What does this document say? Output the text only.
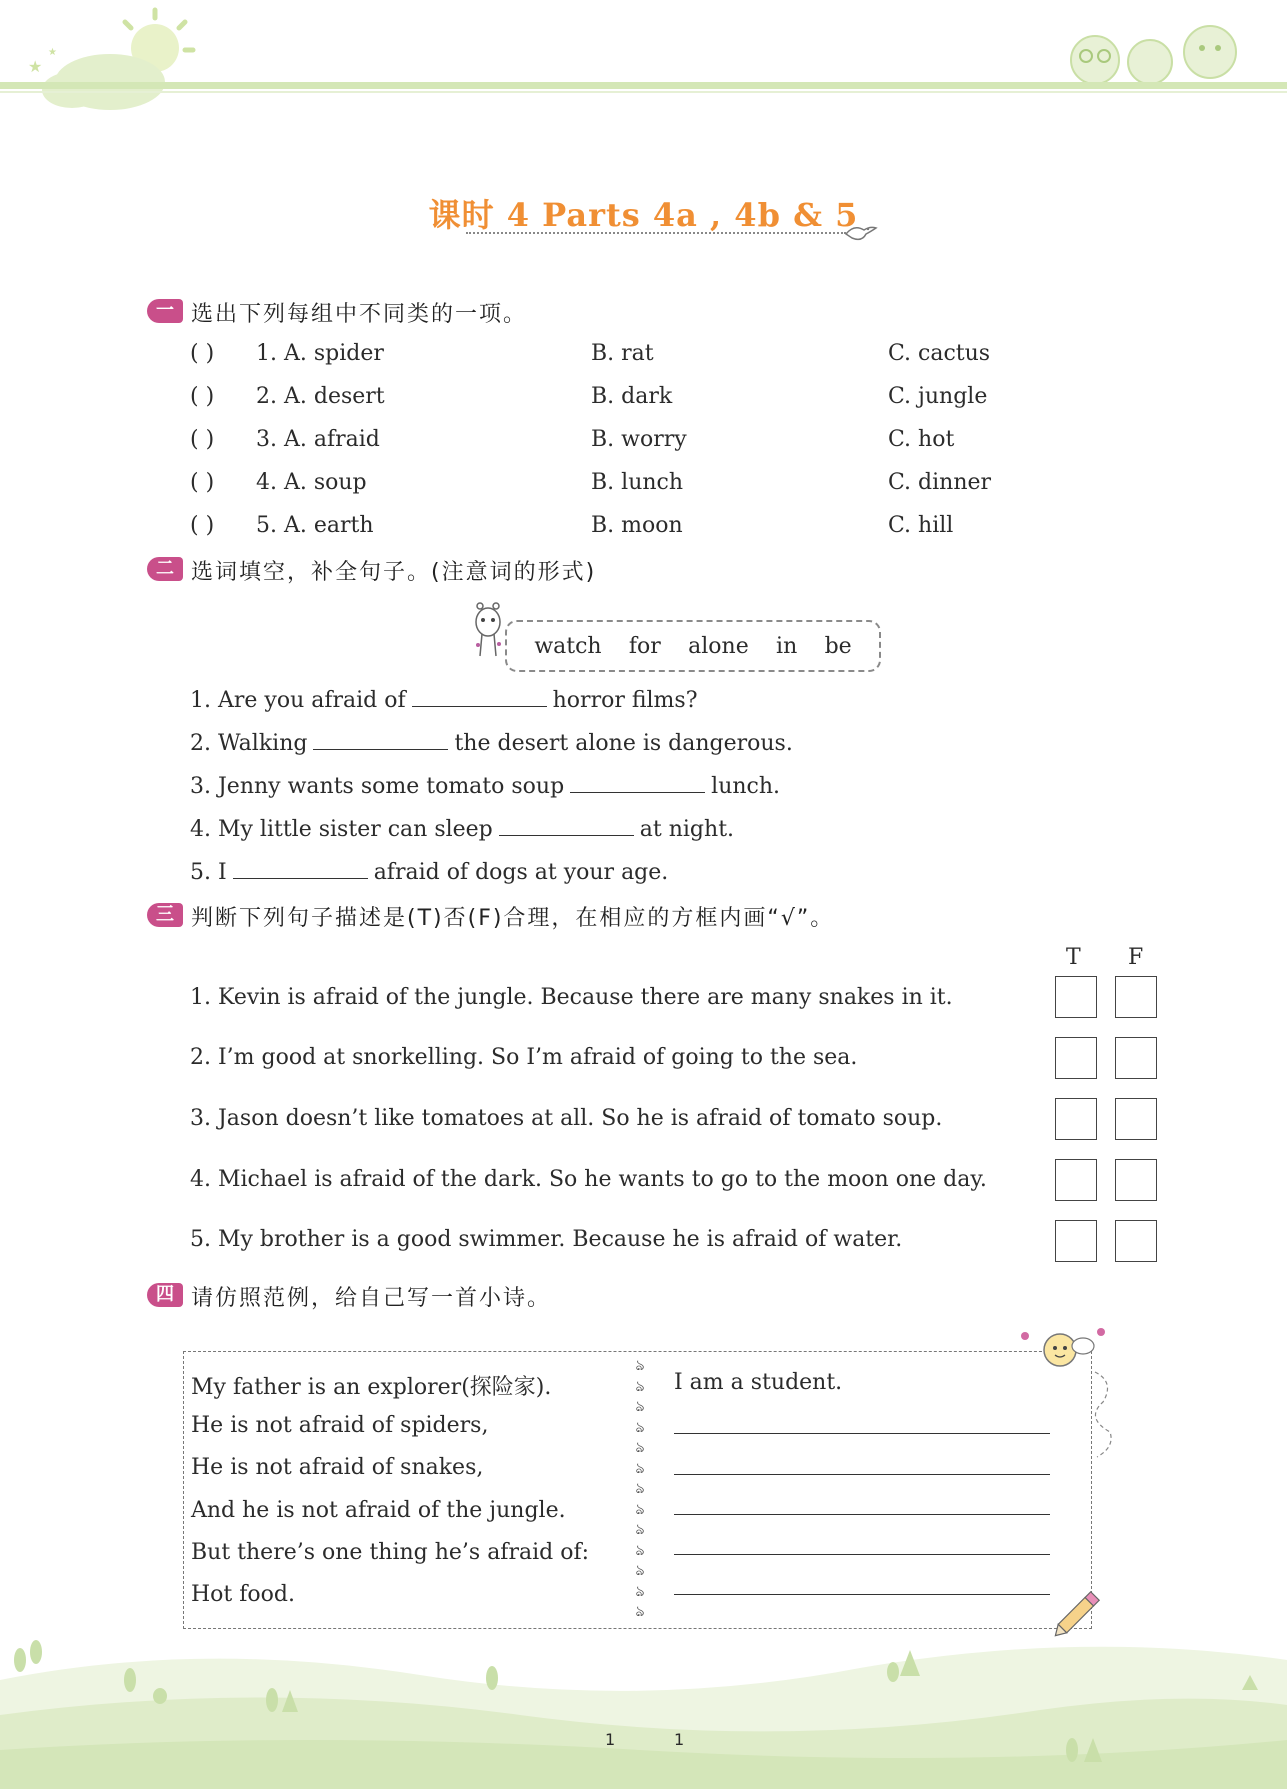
★
★
课时 4 Parts 4a , 4b & 5
一 选出下列每组中不同类的一项。
( ) 1. A. spider	B. rat	C. cactus
( ) 2. A. desert	B. dark	C. jungle
( ) 3. A. afraid	B. worry	C. hot
( ) 4. A. soup	B. lunch	C. dinner
( ) 5. A. earth	B. moon	C. hill
二 选词填空，补全句子。(注意词的形式)
watch for alone in be
1. Are you afraid of	horror films?
2. Walking	the desert alone is dangerous.
3. Jenny wants some tomato soup	lunch.
4. My little sister can sleep	at night.
5. I	afraid of dogs at your age.
三 判断下列句子描述是(T)否(F)合理，在相应的方框内画“√”。
T F
1. Kevin is afraid of the jungle. Because there are many snakes in it.
2. I’m good at snorkelling. So I’m afraid of going to the sea.
3. Jason doesn’t like tomatoes at all. So he is afraid of tomato soup.
4. Michael is afraid of the dark. So he wants to go to the moon one day.
5. My brother is a good swimmer. Because he is afraid of water.
四 请仿照范例，给自己写一首小诗。
My father is an explorer(探险家).
He is not afraid of spiders,
He is not afraid of snakes,
And he is not afraid of the jungle.
But there’s one thing he’s afraid of:
Hot food.
ঌ
ঌ
ঌ
ঌ
ঌ
ঌ
ঌ
ঌ
ঌ
ঌ
ঌ
ঌ
ঌ
I am a student.
1	1
